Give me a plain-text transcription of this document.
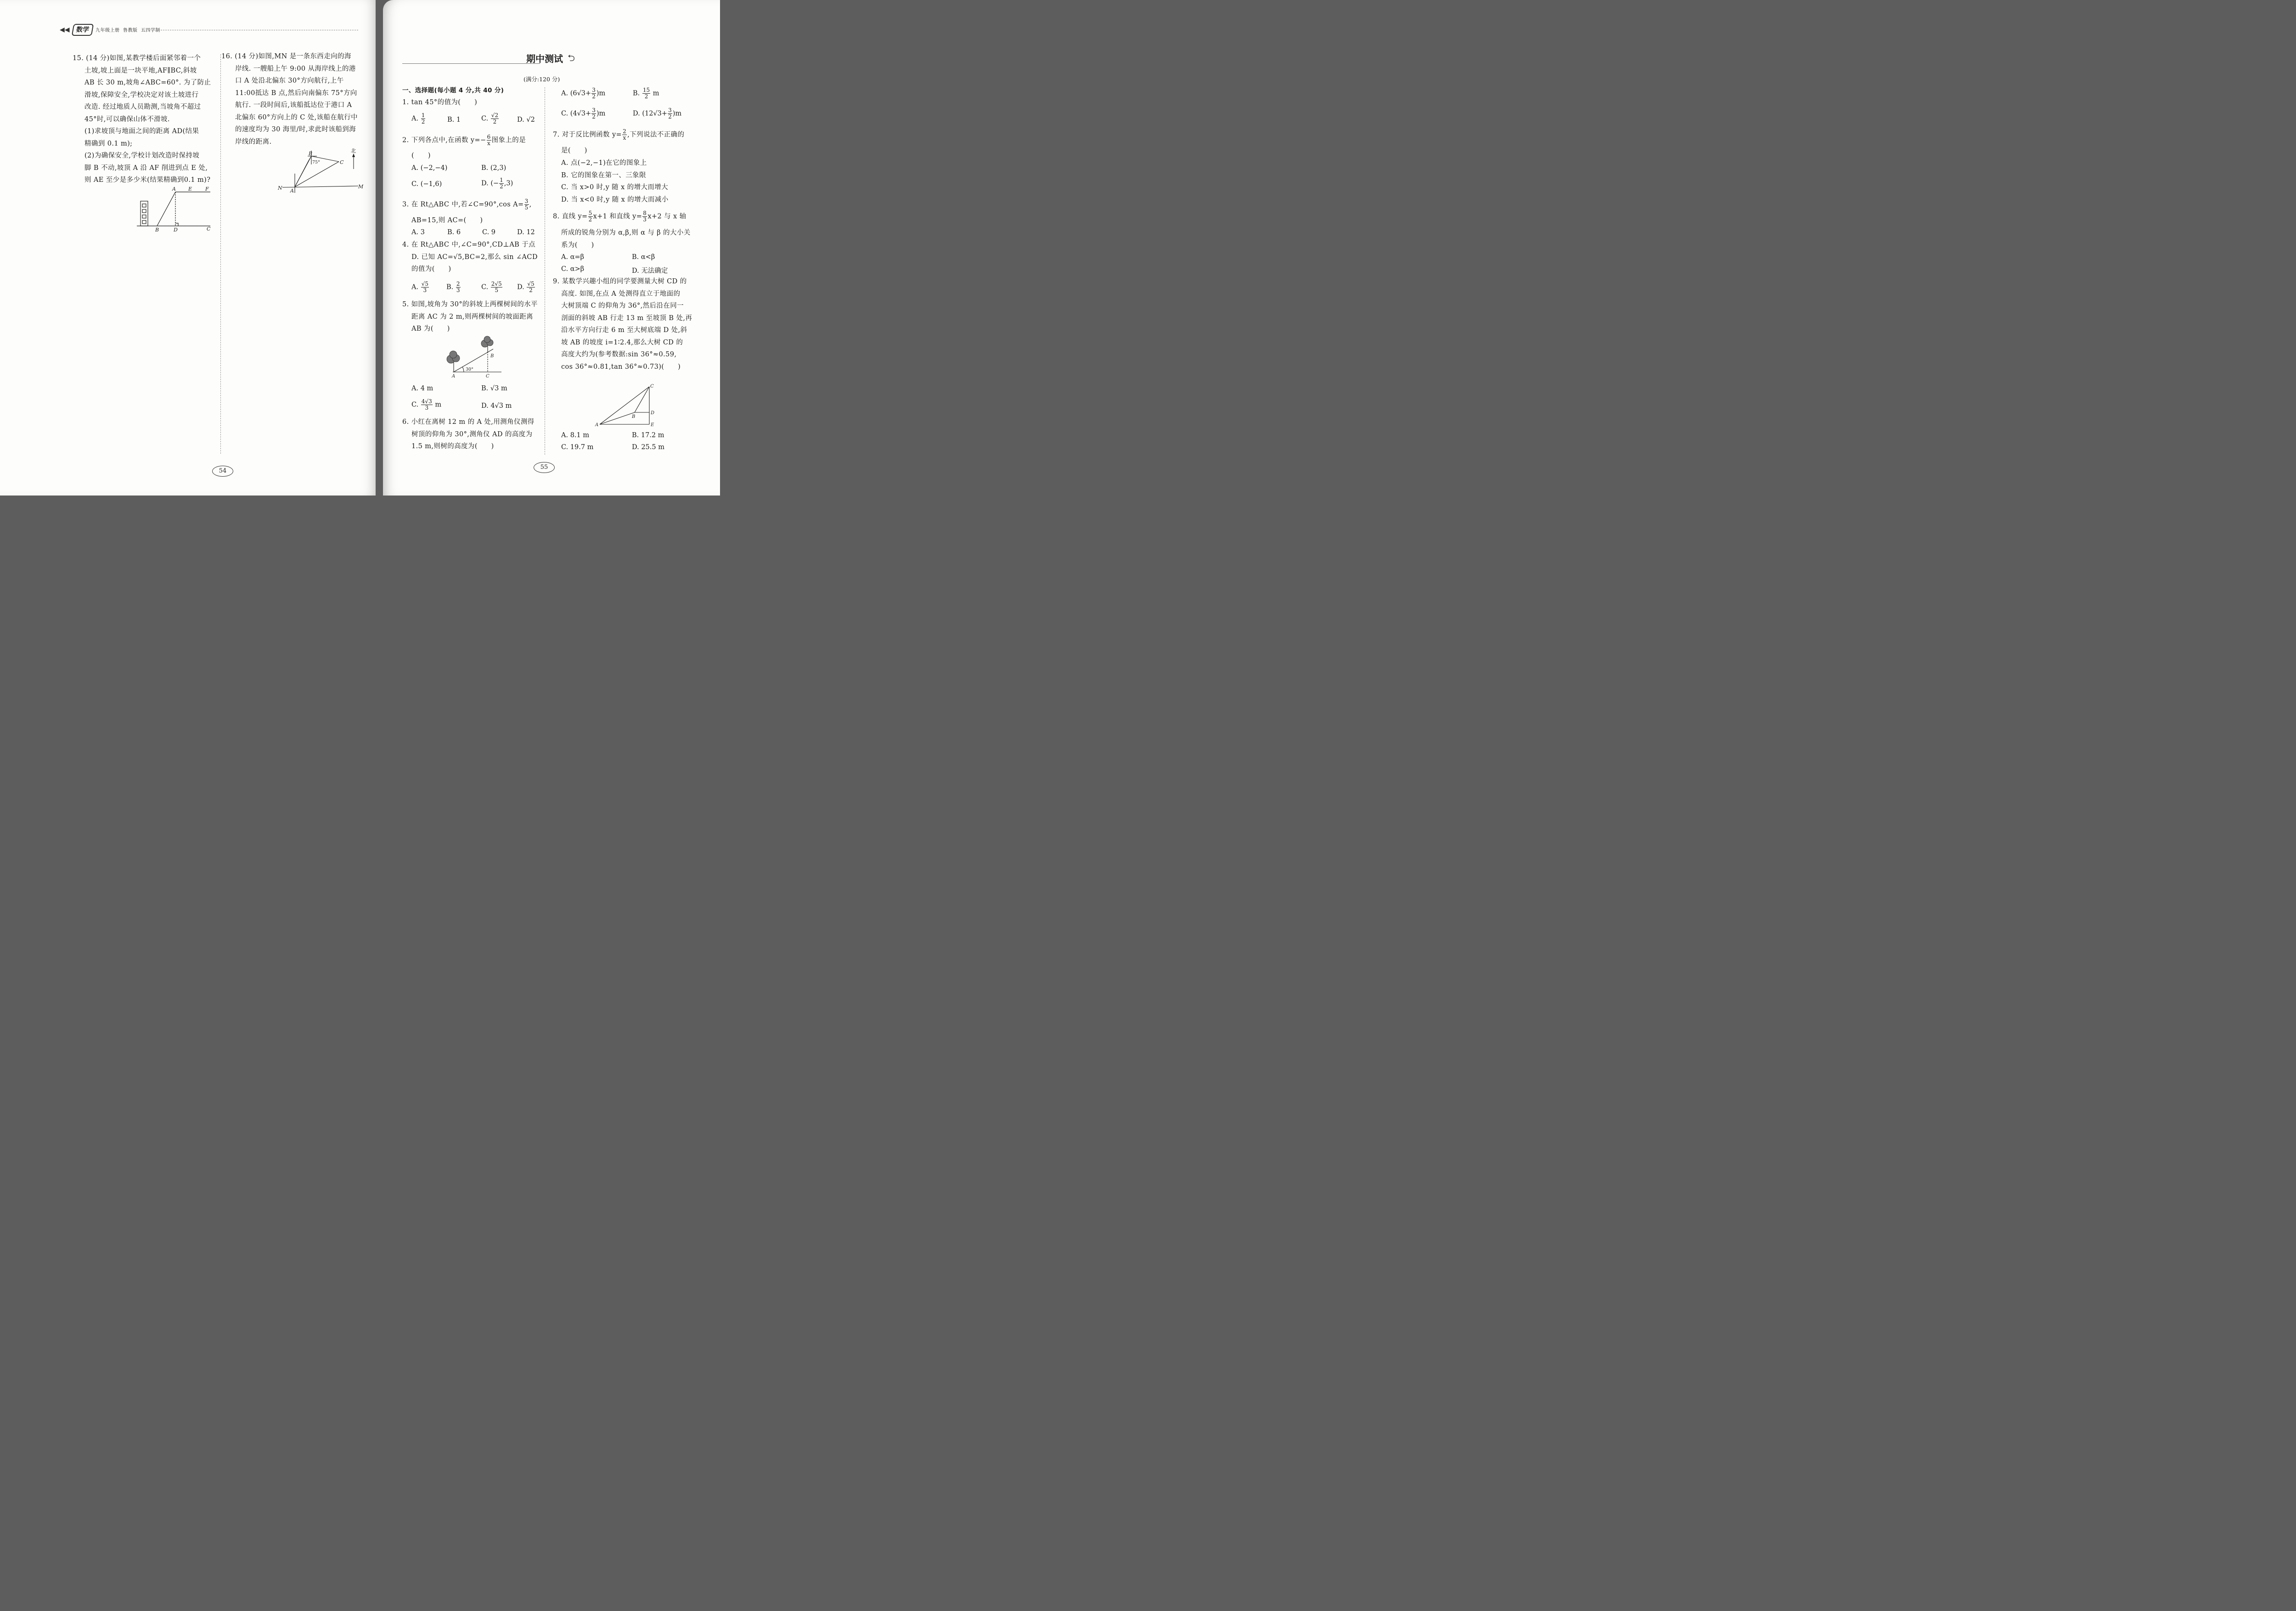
◀◀ 数学	九年级上册 鲁教版 五四学制
15. (14 分)如图,某教学楼后面紧邻着一个
土坡,坡上面是一块平地,AF∥BC,斜坡
AB 长 30 m,坡角∠ABC=60°. 为了防止
滑坡,保障安全,学校决定对该土坡进行
改造. 经过地质人员勘测,当坡角不超过
45°时,可以确保山体不滑坡.
(1)求坡顶与地面之间的距离 AD(结果
精确到 0.1 m);
(2)为确保安全,学校计划改造时保持坡
脚 B 不动,坡顶 A 沿 AF 削进到点 E 处,
则 AE 至少是多少米(结果精确到0.1 m)?
A E	F
B	D	C
16. (14 分)如图,MN 是一条东西走向的海
岸线. 一艘船上午 9:00 从海岸线上的港
口 A 处沿北偏东 30°方向航行,上午
11:00抵达 B 点,然后向南偏东 75°方向
航行. 一段时间后,该船抵达位于港口 A
北偏东 60°方向上的 C 处,该船在航行中
的速度均为 30 海里/时,求此时该船到海
岸线的距离.
B
C
A
N	M
北
75°
54
期中测试 ⮌
(满分:120 分)
一、选择题(每小题 4 分,共 40 分)
1. tan 45°的值为(　　)
A. $\frac{1}{2}$	B. 1	C. $\frac{√2}{2}$	D. √2
2. 下列各点中,在函数 $y=- \frac{6}{x}$ 图象上的是
(　　)
A. (−2,−4)	B. (2,3)
C. (−1,6)	D. (− $\frac{1}{2} ,3$)
3. 在 Rt△ABC 中,若∠C=90°,cos $A= \frac{3}{5}$ ,
AB=15,则 AC=(　　)
A. 3	B. 6	C. 9	D. 12
4. 在 Rt△ABC 中,∠C=90°,CD⊥AB 于点
D. 已知 AC=√5,BC=2,那么 sin ∠ACD
的值为(　　)
A. $\frac{√5}{3}$	B. $\frac{2}{3}$	C. $\frac{2√5}{5} D$. $\frac{√5}{2}$
5. 如图,坡角为 30°的斜坡上两棵树间的水平
距离 AC 为 2 m,则两棵树间的坡面距离
AB 为(　　)
A
B
C
30°
A. 4 m	B. √3 m
C. $\frac{4√3}{3}$ m	D. 4√3 m
6. 小红在离树 12 m 的 A 处,用测角仪测得
树顶的仰角为 30°,测角仪 AD 的高度为
1.5 m,则树的高度为(　　)
A. $(6√3+ \frac{3}{2} )m$	B. $\frac{15}{2}$ m
C. $(4√3+ \frac{3}{2} )m$	D. $(12√3+ \frac{3}{2} )m$
7. 对于反比例函数 $y= \frac{2}{x}$ ,下列说法不正确的
是(　　)
A. 点(−2,−1)在它的图象上
B. 它的图象在第一、三象限
C. 当 x>0 时,y 随 x 的增大而增大
D. 当 x<0 时,y 随 x 的增大而减小
8. 直线 $y= \frac{5}{2} x+1$ 和直线 $y= \frac{8}{3} x+2$ 与 x 轴
所成的锐角分别为 α,β,则 α 与 β 的大小关
系为(　　)
A. α=β	B. α<β
C. α>β	D. 无法确定
9. 某数学兴趣小组的同学要测量大树 CD 的
高度. 如图,在点 A 处测得直立于地面的
大树顶端 C 的仰角为 36°,然后沿在同一
剖面的斜坡 AB 行走 13 m 至坡顶 B 处,再
沿水平方向行走 6 m 至大树底端 D 处,斜
坡 AB 的坡度 i=1∶2.4,那么大树 CD 的
高度大约为(参考数据:sin 36°≈0.59,
cos 36°≈0.81,tan 36°≈0.73)(　　)
A
B
C
D
E
A. 8.1 m	B. 17.2 m
C. 19.7 m	D. 25.5 m
55
